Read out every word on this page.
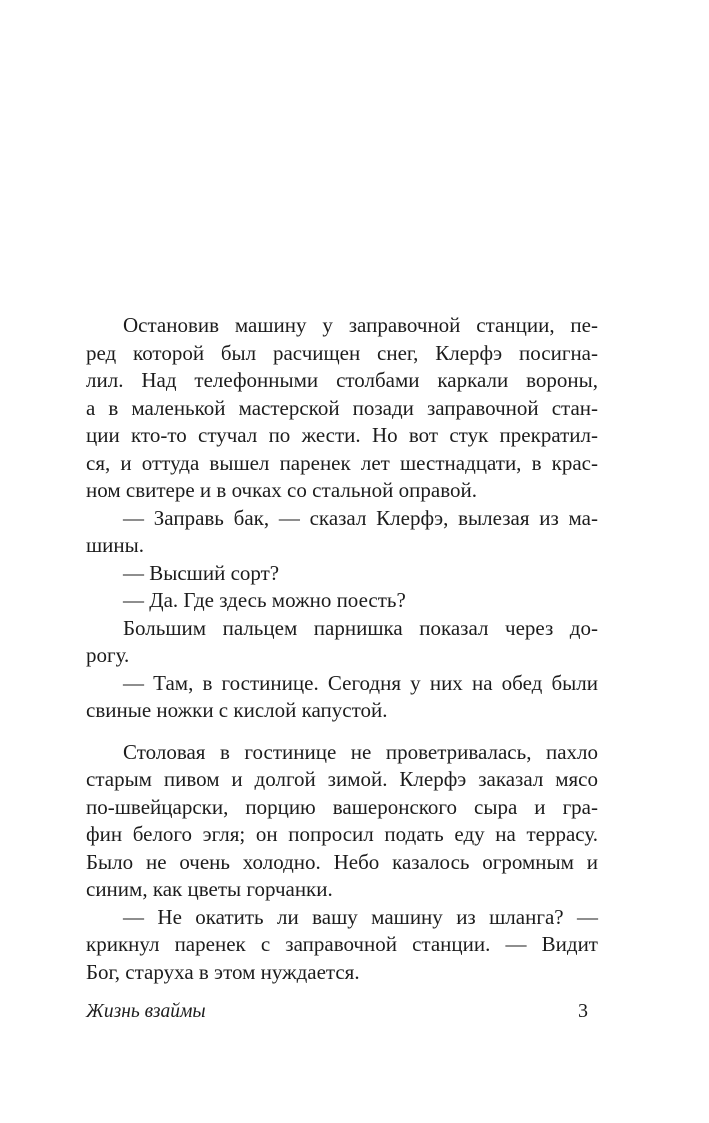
Остановив машину у заправочной станции, пе-
ред которой был расчищен снег, Клерфэ посигна-
лил. Над телефонными столбами каркали вороны,
а в маленькой мастерской позади заправочной стан-
ции кто-то стучал по жести. Но вот стук прекратил-
ся, и оттуда вышел паренек лет шестнадцати, в крас-
ном свитере и в очках со стальной оправой.
— Заправь бак, — сказал Клерфэ, вылезая из ма-
шины.
— Высший сорт?
— Да. Где здесь можно поесть?
Большим пальцем парнишка показал через до-
рогу.
— Там, в гостинице. Сегодня у них на обед были
свиные ножки с кислой капустой.
Столовая в гостинице не проветривалась, пахло
старым пивом и долгой зимой. Клерфэ заказал мясо
по-швейцарски, порцию вашеронского сыра и гра-
фин белого эгля; он попросил подать еду на террасу.
Было не очень холодно. Небо казалось огромным и
синим, как цветы горчанки.
— Не окатить ли вашу машину из шланга? —
крикнул паренек с заправочной станции. — Видит
Бог, старуха в этом нуждается.
Жизнь взаймы	3
